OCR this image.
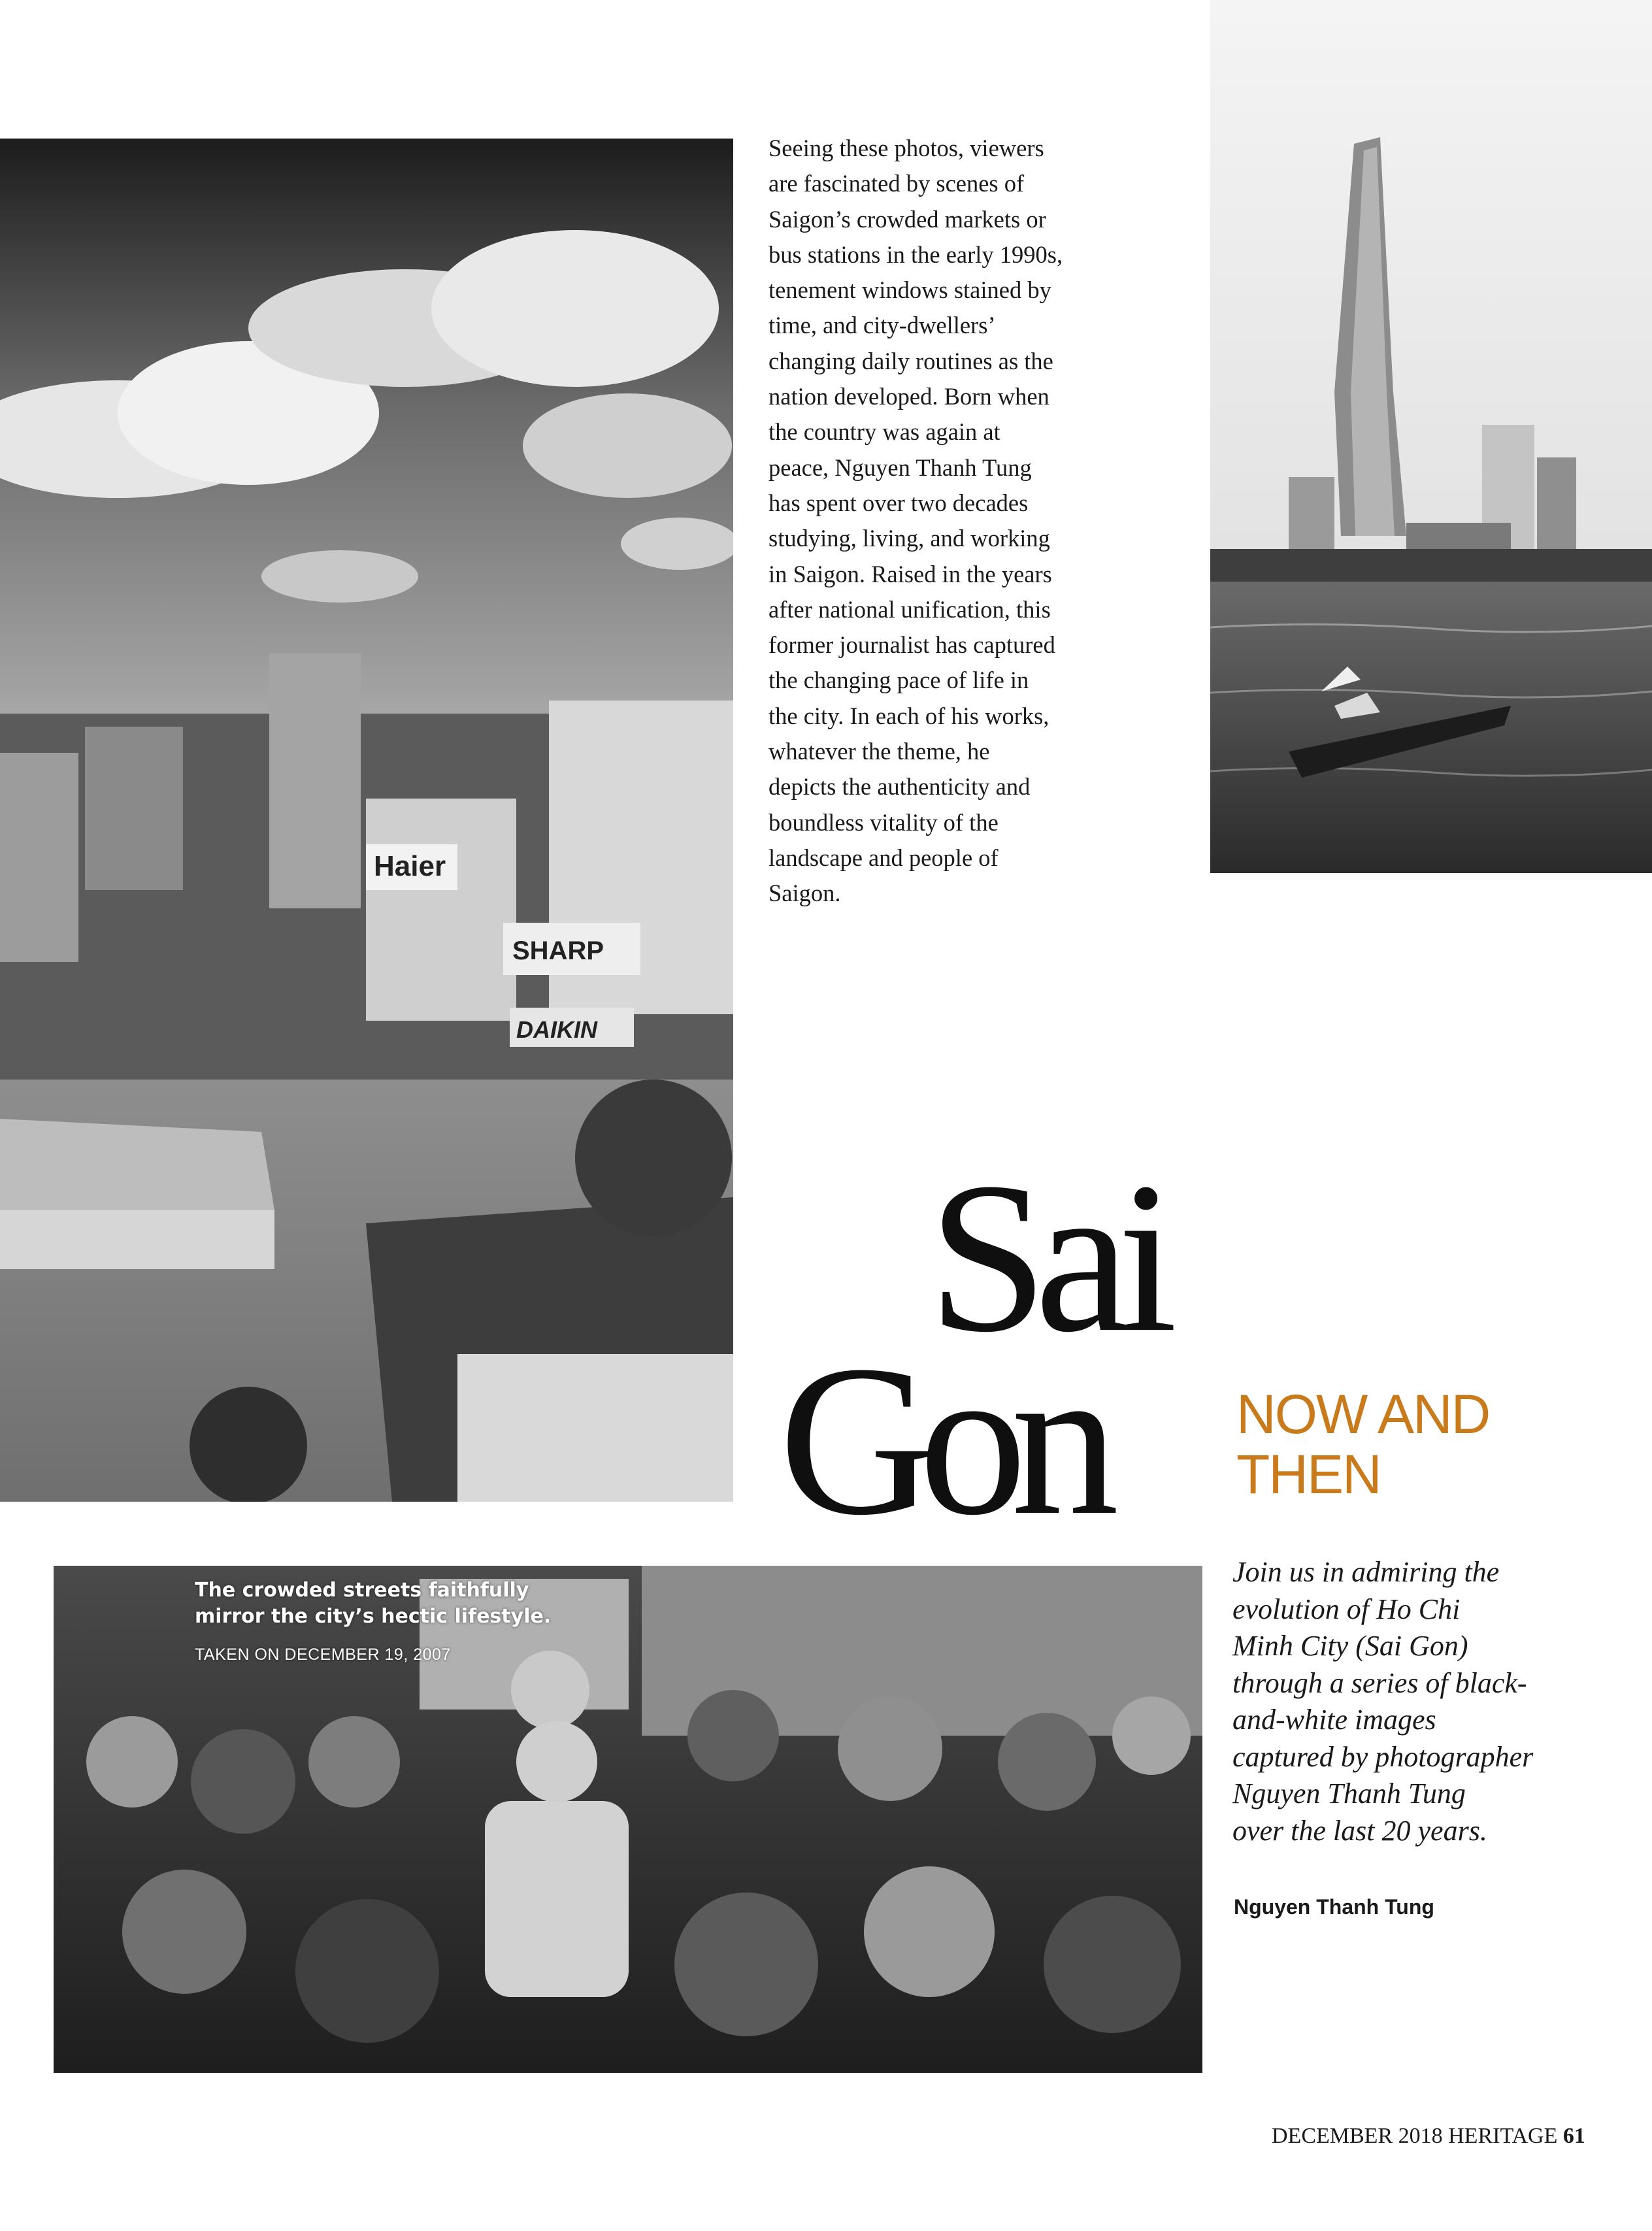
Haier
SHARP
DAIKIN
The crowded streets faithfully
mirror the city’s hectic lifestyle.
TAKEN ON DECEMBER 19, 2007
Seeing these photos, viewers
are fascinated by scenes of
Saigon’s crowded markets or
bus stations in the early 1990s,
tenement windows stained by
time, and city-dwellers’
changing daily routines as the
nation developed. Born when
the country was again at
peace, Nguyen Thanh Tung
has spent over two decades
studying, living, and working
in Saigon. Raised in the years
after national unification, this
former journalist has captured
the changing pace of life in
the city. In each of his works,
whatever the theme, he
depicts the authenticity and
boundless vitality of the
landscape and people of
Saigon.
Sai
Gon NOW AND
THEN
Join us in admiring the
evolution of Ho Chi
Minh City (Sai Gon)
through a series of black-
and-white images
captured by photographer
Nguyen Thanh Tung
over the last 20 years.
Nguyen Thanh Tung
DECEMBER 2018 HERITAGE 61
